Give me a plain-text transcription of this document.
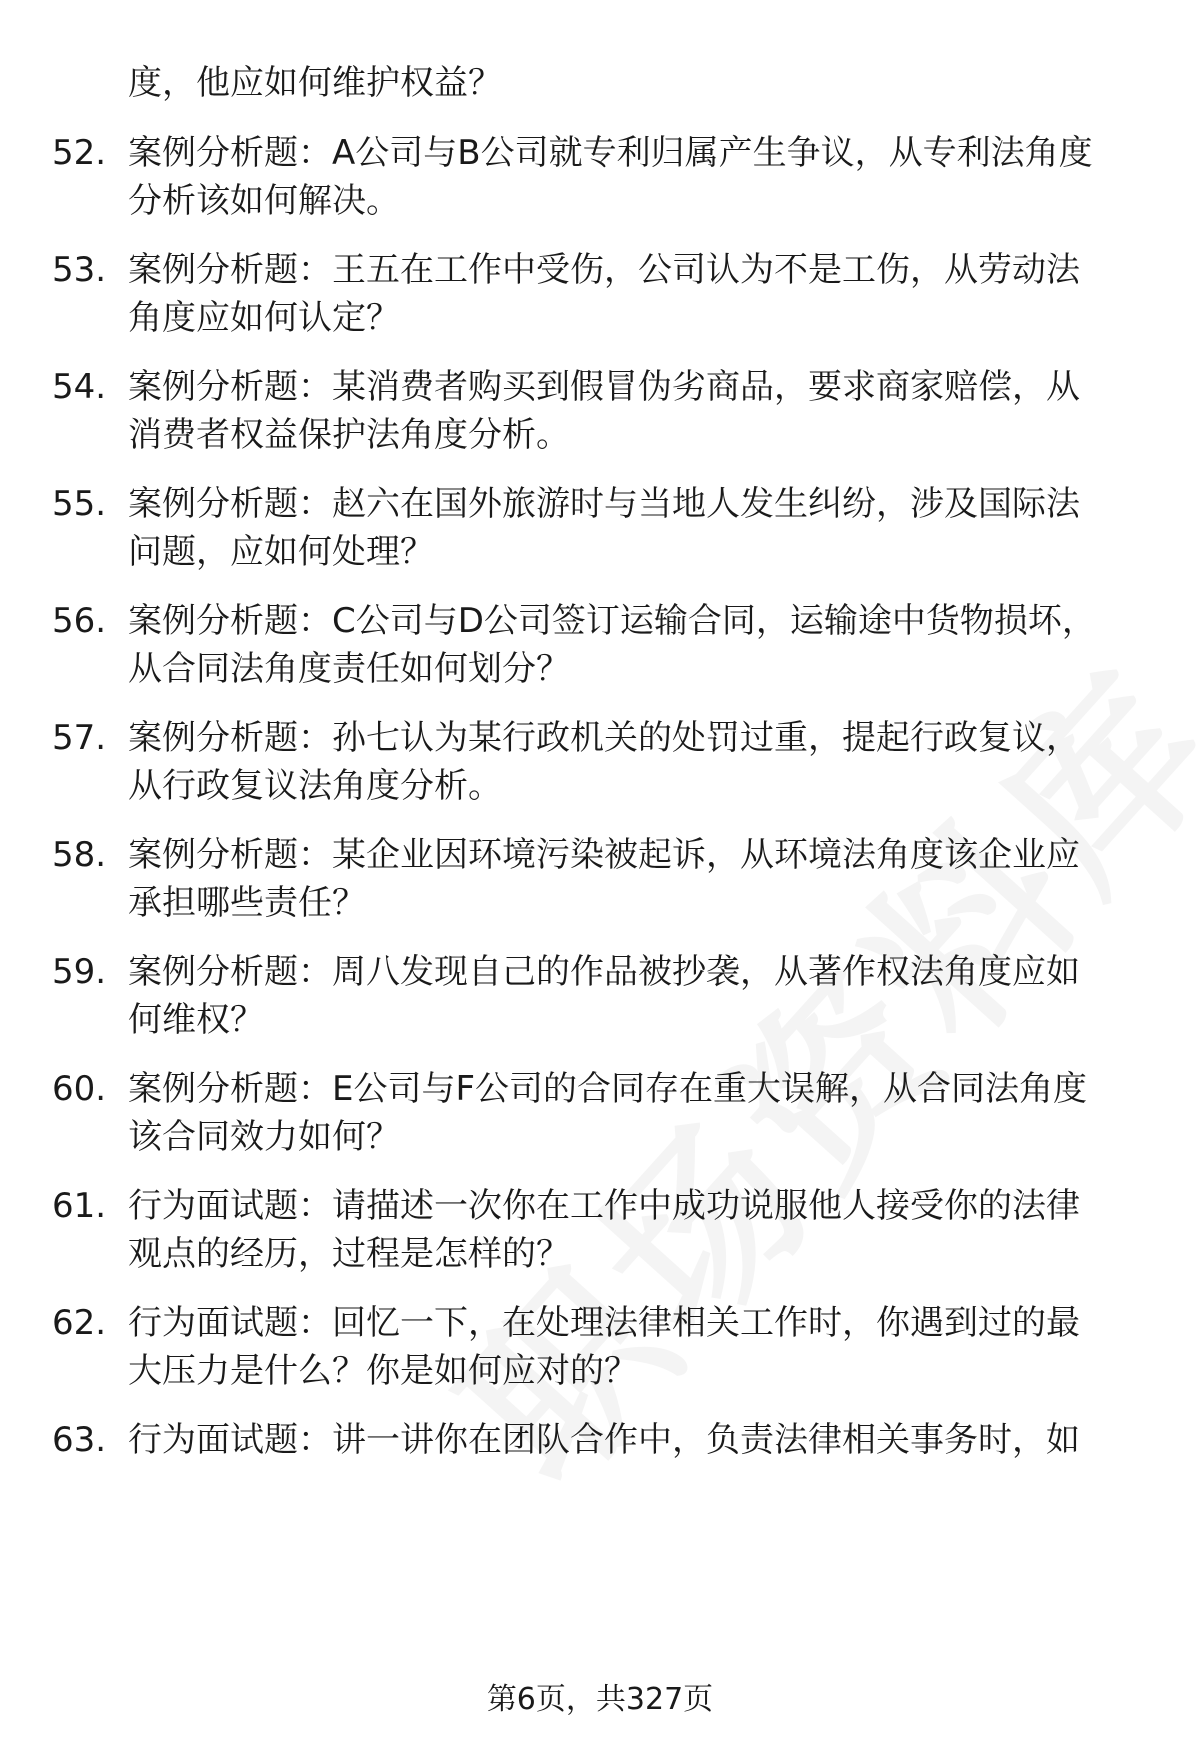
度，他应如何维护权益？
52. 案例分析题：A公司与B公司就专利归属产生争议，从专利法角度
分析该如何解决。
53. 案例分析题：王五在工作中受伤，公司认为不是工伤，从劳动法
角度应如何认定？
54. 案例分析题：某消费者购买到假冒伪劣商品，要求商家赔偿，从
消费者权益保护法角度分析。
55. 案例分析题：赵六在国外旅游时与当地人发生纠纷，涉及国际法
问题，应如何处理？
56. 案例分析题：C公司与D公司签订运输合同，运输途中货物损坏，
从合同法角度责任如何划分？
57. 案例分析题：孙七认为某行政机关的处罚过重，提起行政复议，
从行政复议法角度分析。
58. 案例分析题：某企业因环境污染被起诉，从环境法角度该企业应
承担哪些责任？
59. 案例分析题：周八发现自己的作品被抄袭，从著作权法角度应如
何维权？
60. 案例分析题：E公司与F公司的合同存在重大误解，从合同法角度
该合同效力如何？
61. 行为面试题：请描述一次你在工作中成功说服他人接受你的法律
观点的经历，过程是怎样的？
62. 行为面试题：回忆一下，在处理法律相关工作时，你遇到过的最
大压力是什么？你是如何应对的？
63. 行为面试题：讲一讲你在团队合作中，负责法律相关事务时，如
第6页，共327页
